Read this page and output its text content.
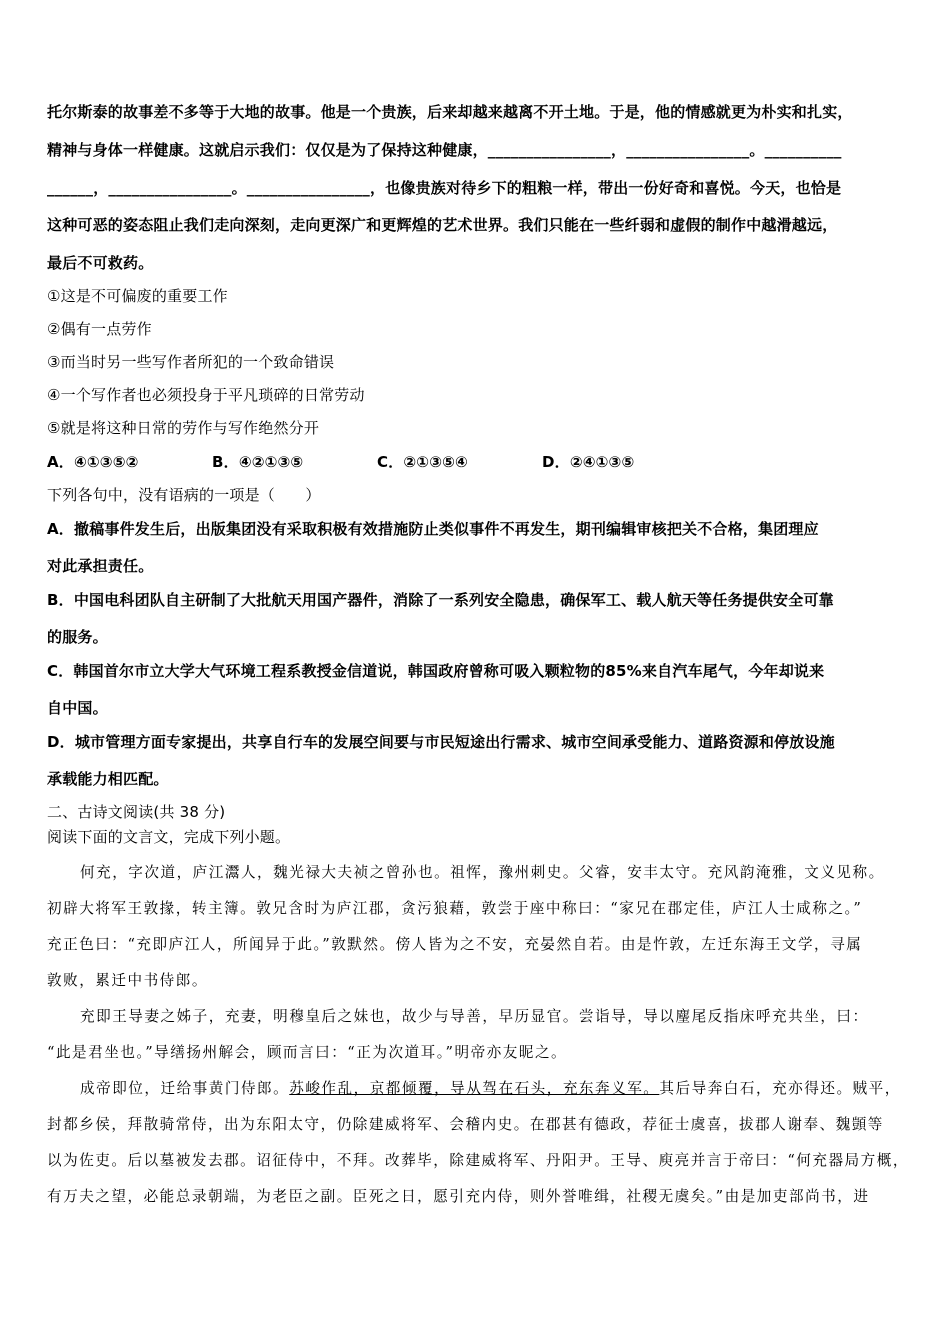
托尔斯泰的故事差不多等于大地的故事。他是一个贵族，后来却越来越离不开土地。于是，他的情感就更为朴实和扎实，
精神与身体一样健康。这就启示我们：仅仅是为了保持这种健康，________________，________________。__________
______，________________。________________，也像贵族对待乡下的粗粮一样，带出一份好奇和喜悦。今天，也恰是
这种可恶的姿态阻止我们走向深刻，走向更深广和更辉煌的艺术世界。我们只能在一些纤弱和虚假的制作中越滑越远，
最后不可救药。
①这是不可偏废的重要工作
②偶有一点劳作
③而当时另一些写作者所犯的一个致命错误
④一个写作者也必须投身于平凡琐碎的日常劳动
⑤就是将这种日常的劳作与写作绝然分开
A．④①③⑤②	B．④②①③⑤	C．②①③⑤④	D．②④①③⑤
下列各句中，没有语病的一项是（　　）
A．撤稿事件发生后，出版集团没有采取积极有效措施防止类似事件不再发生，期刊编辑审核把关不合格，集团理应
对此承担责任。
B．中国电科团队自主研制了大批航天用国产器件，消除了一系列安全隐患，确保军工、载人航天等任务提供安全可靠
的服务。
C．韩国首尔市立大学大气环境工程系教授金信道说，韩国政府曾称可吸入颗粒物的85%来自汽车尾气，今年却说来
自中国。
D．城市管理方面专家提出，共享自行车的发展空间要与市民短途出行需求、城市空间承受能力、道路资源和停放设施
承载能力相匹配。
二、古诗文阅读(共 38 分)
阅读下面的文言文，完成下列小题。
何充，字次道，庐江灊人，魏光禄大夫祯之曾孙也。祖恽，豫州刺史。父睿，安丰太守。充风韵淹雅，文义见称。
初辟大将军王敦掾，转主簿。敦兄含时为庐江郡，贪污狼藉，敦尝于座中称曰：“家兄在郡定佳，庐江人士咸称之。”
充正色曰：“充即庐江人，所闻异于此。”敦默然。傍人皆为之不安，充晏然自若。由是忤敦，左迁东海王文学，寻属
敦败，累迁中书侍郎。
充即王导妻之姊子，充妻，明穆皇后之妹也，故少与导善，早历显官。尝诣导，导以麈尾反指床呼充共坐，曰：
“此是君坐也。”导缮扬州解会，顾而言曰：“正为次道耳。”明帝亦友昵之。
成帝即位，迁给事黄门侍郎。苏峻作乱，京都倾覆，导从驾在石头，充东奔义军。其后导奔白石，充亦得还。贼平，
封都乡侯，拜散骑常侍，出为东阳太守，仍除建威将军、会稽内史。在郡甚有德政，荐征士虞喜，拔郡人谢奉、魏顗等
以为佐吏。后以墓被发去郡。诏征侍中，不拜。改葬毕，除建威将军、丹阳尹。王导、庾亮并言于帝曰：“何充器局方概，
有万夫之望，必能总录朝端，为老臣之副。臣死之日，愿引充内侍，则外誉唯缉，社稷无虞矣。”由是加吏部尚书，进
